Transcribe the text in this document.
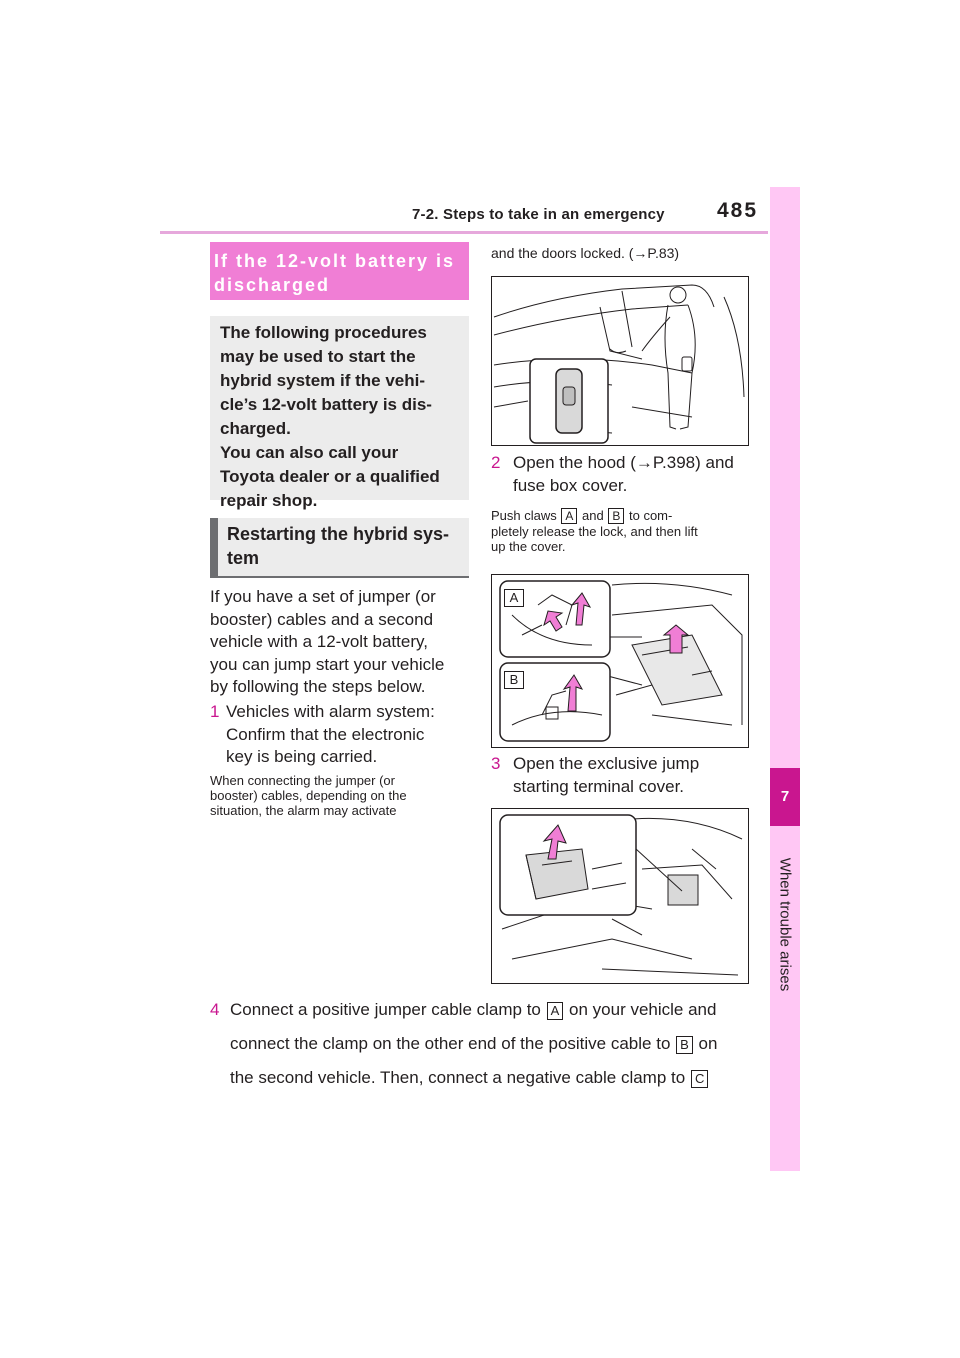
7-2. Steps to take in an emergency	485
7
When trouble arises
If the 12-volt battery is
discharged
The following procedures
may be used to start the
hybrid system if the vehi-
cle’s 12-volt battery is dis-
charged.
You can also call your
Toyota dealer or a qualified
repair shop.
Restarting the hybrid sys-
tem
If you have a set of jumper (or
booster) cables and a second
vehicle with a 12-volt battery,
you can jump start your vehicle
by following the steps below.
1 Vehicles with alarm system:
Confirm that the electronic
key is being carried.
When connecting the jumper (or
booster) cables, depending on the
situation, the alarm may activate
and the doors locked. (→P.83)
2 Open the hood (→P.398) and
fuse box cover.
Push claws A and B to com-
pletely release the lock, and then lift
up the cover.
A
B
3 Open the exclusive jump
starting terminal cover.
4 Connect a positive jumper cable clamp to A on your vehicle and
connect the clamp on the other end of the positive cable to B on
the second vehicle. Then, connect a negative cable clamp to C
